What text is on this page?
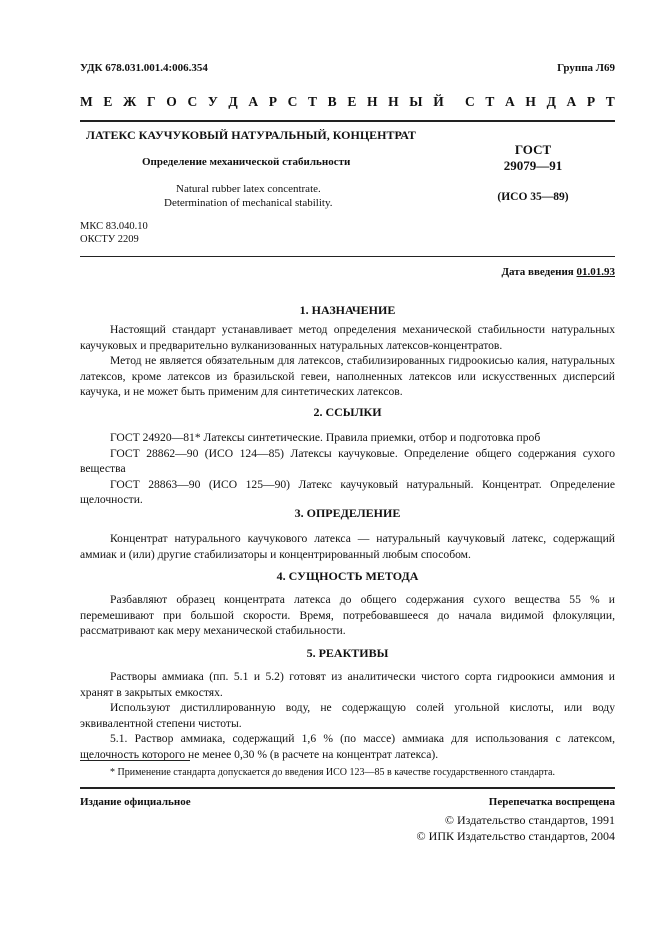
УДК 678.031.001.4:006.354	Группа Л69
М Е Ж Г О С У Д А Р С Т В Е Н Н Ы Й С Т А Н Д А Р Т
ЛАТЕКС КАУЧУКОВЫЙ НАТУРАЛЬНЫЙ, КОНЦЕНТРАТ
Определение механической стабильности
Natural rubber latex concentrate.
Determination of mechanical stability.
ГОСТ
29079—91
(ИСО 35—89)
МКС 83.040.10
ОКСТУ 2209
Дата введения 01.01.93
1. НАЗНАЧЕНИЕ
Настоящий стандарт устанавливает метод определения механической стабильности натуральных каучуковых и предварительно вулканизованных натуральных латексов-концентратов.
Метод не является обязательным для латексов, стабилизированных гидроокисью калия, натуральных латексов, кроме латексов из бразильской гевеи, наполненных латексов или искусственных дисперсий каучука, и не может быть применим для синтетических латексов.
2. ССЫЛКИ
ГОСТ 24920—81* Латексы синтетические. Правила приемки, отбор и подготовка проб
ГОСТ 28862—90 (ИСО 124—85) Латексы каучуковые. Определение общего содержания сухого вещества
ГОСТ 28863—90 (ИСО 125—90) Латекс каучуковый натуральный. Концентрат. Определение щелочности.
3. ОПРЕДЕЛЕНИЕ
Концентрат натурального каучукового латекса — натуральный каучуковый латекс, содержащий аммиак и (или) другие стабилизаторы и концентрированный любым способом.
4. СУЩНОСТЬ МЕТОДА
Разбавляют образец концентрата латекса до общего содержания сухого вещества 55 % и перемешивают при большой скорости. Время, потребовавшееся до начала видимой флокуляции, рассматривают как меру механической стабильности.
5. РЕАКТИВЫ
Растворы аммиака (пп. 5.1 и 5.2) готовят из аналитически чистого сорта гидроокиси аммония и хранят в закрытых емкостях.
Используют дистиллированную воду, не содержащую солей угольной кислоты, или воду эквивалентной степени чистоты.
5.1. Раствор аммиака, содержащий 1,6 % (по массе) аммиака для использования с латексом, щелочность которого не менее 0,30 % (в расчете на концентрат латекса).
* Применение стандарта допускается до введения ИСО 123—85 в качестве государственного стандарта.
Издание официальное	Перепечатка воспрещена
© Издательство стандартов, 1991
© ИПК Издательство стандартов, 2004
